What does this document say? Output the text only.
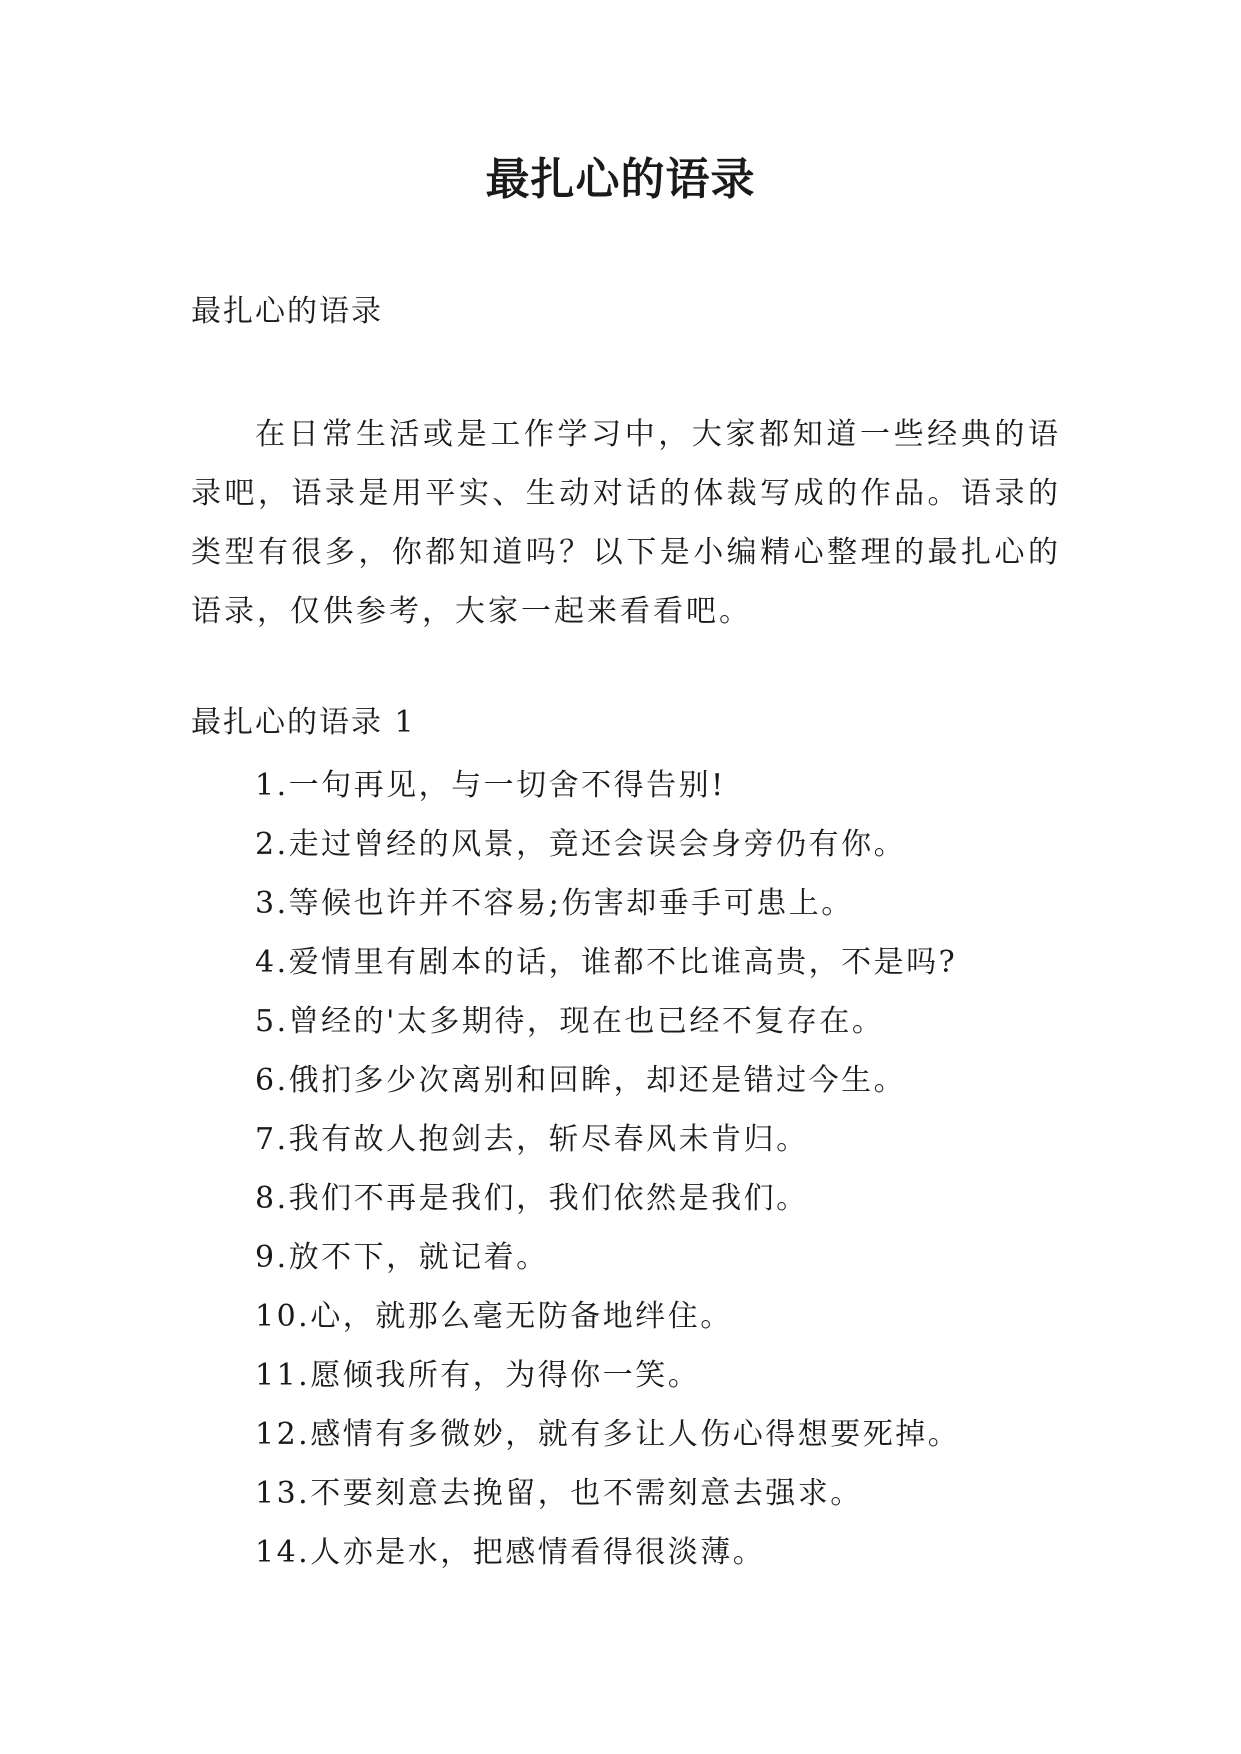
最扎心的语录
最扎心的语录

在日常生活或是工作学习中，大家都知道一些经典的语录吧，语录是用平实、生动对话的体裁写成的作品。语录的类型有很多，你都知道吗？以下是小编精心整理的最扎心的语录，仅供参考，大家一起来看看吧。

最扎心的语录 1
1.一句再见，与一切舍不得告别!
2.走过曾经的风景，竟还会误会身旁仍有你。
3.等候也许并不容易;伤害却垂手可患上。
4.爱情里有剧本的话，谁都不比谁高贵，不是吗?
5.曾经的'太多期待，现在也已经不复存在。
6.俄扪多少次离别和回眸，却还是错过今生。
7.我有故人抱剑去，斩尽春风未肯归。
8.我们不再是我们，我们依然是我们。
9.放不下，就记着。
10.心，就那么毫无防备地绊住。
11.愿倾我所有，为得你一笑。
12.感情有多微妙，就有多让人伤心得想要死掉。
13.不要刻意去挽留，也不需刻意去强求。
14.人亦是水，把感情看得很淡薄。
